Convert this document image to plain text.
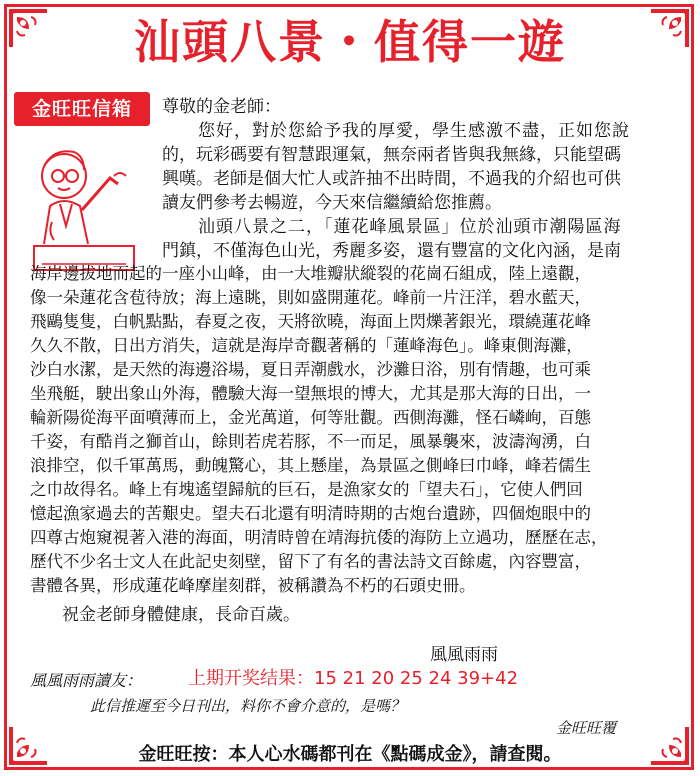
汕頭八景・值得一遊
金旺旺信箱	尊敬的金老師：
您好，對於您給予我的厚愛，學生感激不盡，正如您說
的，玩彩碼要有智慧跟運氣，無奈兩者皆與我無緣，只能望碼
興嘆。老師是個大忙人或許抽不出時間，不過我的介紹也可供
讀友們參考去暢遊，今天來信繼續給您推薦。
汕頭八景之二，「蓮花峰風景區」位於汕頭市潮陽區海
門鎮，不僅海色山光，秀麗多姿，還有豐富的文化內涵，是南
海岸邊拔地而起的一座小山峰，由一大堆瓣狀縱裂的花崗石組成，陸上遠觀，
像一朵蓮花含苞待放；海上遠眺，則如盛開蓮花。峰前一片汪洋，碧水藍天，
飛鷗隻隻，白帆點點，春夏之夜，天將欲曉，海面上閃爍著銀光，環繞蓮花峰
久久不散，日出方消失，這就是海岸奇觀著稱的「蓮峰海色」。峰東側海灘，
沙白水潔，是天然的海邊浴場，夏日弄潮戲水，沙灘日浴，別有情趣，也可乘
坐飛艇，駛出象山外海，體驗大海一望無垠的博大，尤其是那大海的日出，一
輪新陽從海平面噴薄而上，金光萬道，何等壯觀。西側海灘，怪石嶙峋，百態
千姿，有酷肖之獅首山，餘則若虎若豚，不一而足，風暴襲來，波濤洶湧，白
浪排空，似千軍萬馬，動魄驚心，其上懸崖，為景區之側峰曰巾峰，峰若儒生
之巾故得名。峰上有塊遙望歸航的巨石，是漁家女的「望夫石」，它使人們回
憶起漁家過去的苦艱史。望夫石北還有明清時期的古炮台遺跡，四個炮眼中的
四尊古炮窺視著入港的海面，明清時曾在靖海抗倭的海防上立過功，歷歷在志，
歷代不少名士文人在此記史刻壁，留下了有名的書法詩文百餘處，內容豐富，
書體各異，形成蓮花峰摩崖刻群，被稱讚為不朽的石頭史冊。
祝金老師身體健康，長命百歲。
風風雨雨
風風雨雨讀友：	上期开奖结果：15 21 20 25 24 39+42
此信推遲至今日刊出，料你不會介意的，是嗎？
金旺旺覆
金旺旺按：本人心水碼都刊在《點碼成金》，請查閱。
